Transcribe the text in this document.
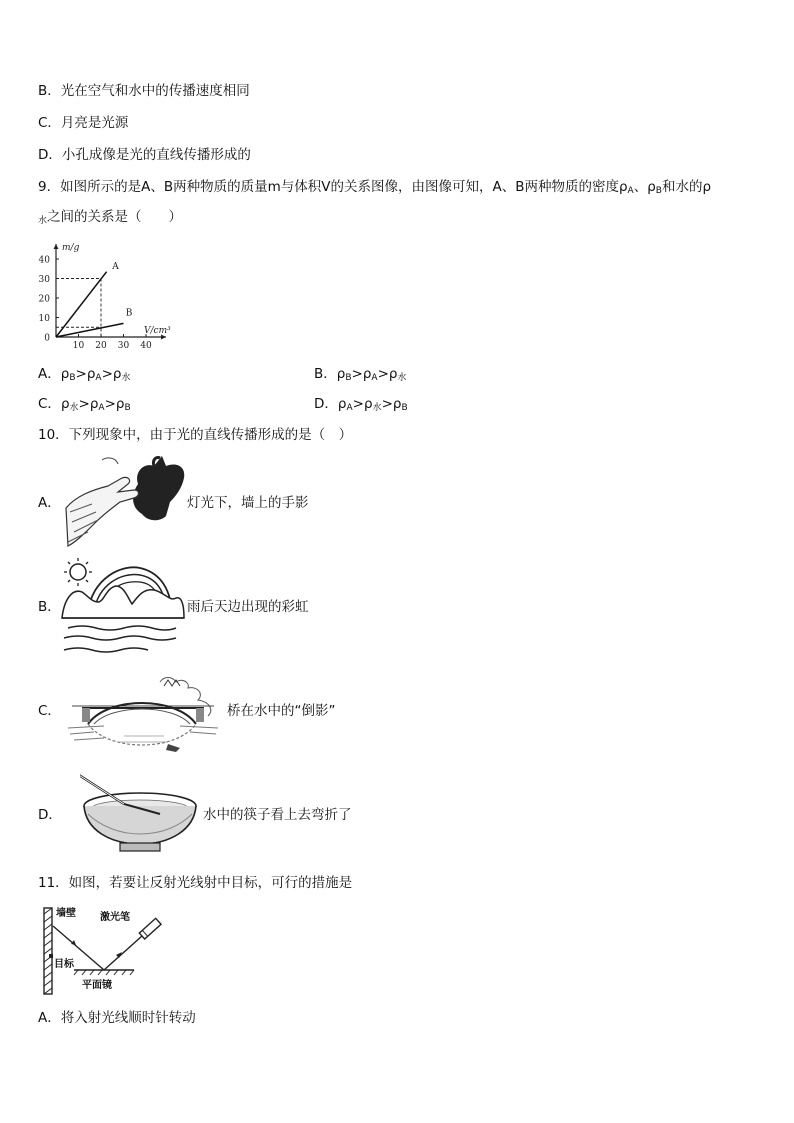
B．光在空气和水中的传播速度相同
C．月亮是光源
D．小孔成像是光的直线传播形成的
9．如图所示的是A、B两种物质的质量m与体积V的关系图像，由图像可知，A、B两种物质的密度$\rho_A$、$\rho_B$和水的ρ
$_水$之间的关系是（　　）
40
30
20
10
0
10 20 30 40
A
B
m/g
V/cm³
A．$\rho_B>\rho_A>\rho_水$	B．$\rho_B>\rho_A>\rho_水$
C．$\rho_水>\rho_A>\rho_B$	D．$\rho_A>\rho_水>\rho_B$
10．下列现象中，由于光的直线传播形成的是（　）
A．	灯光下，墙上的手影
B．	雨后天边出现的彩虹
C．	桥在水中的“倒影”
D．	水中的筷子看上去弯折了
11．如图，若要让反射光线射中目标，可行的措施是
墙壁 激光笔
目标
平面镜
A．将入射光线顺时针转动
